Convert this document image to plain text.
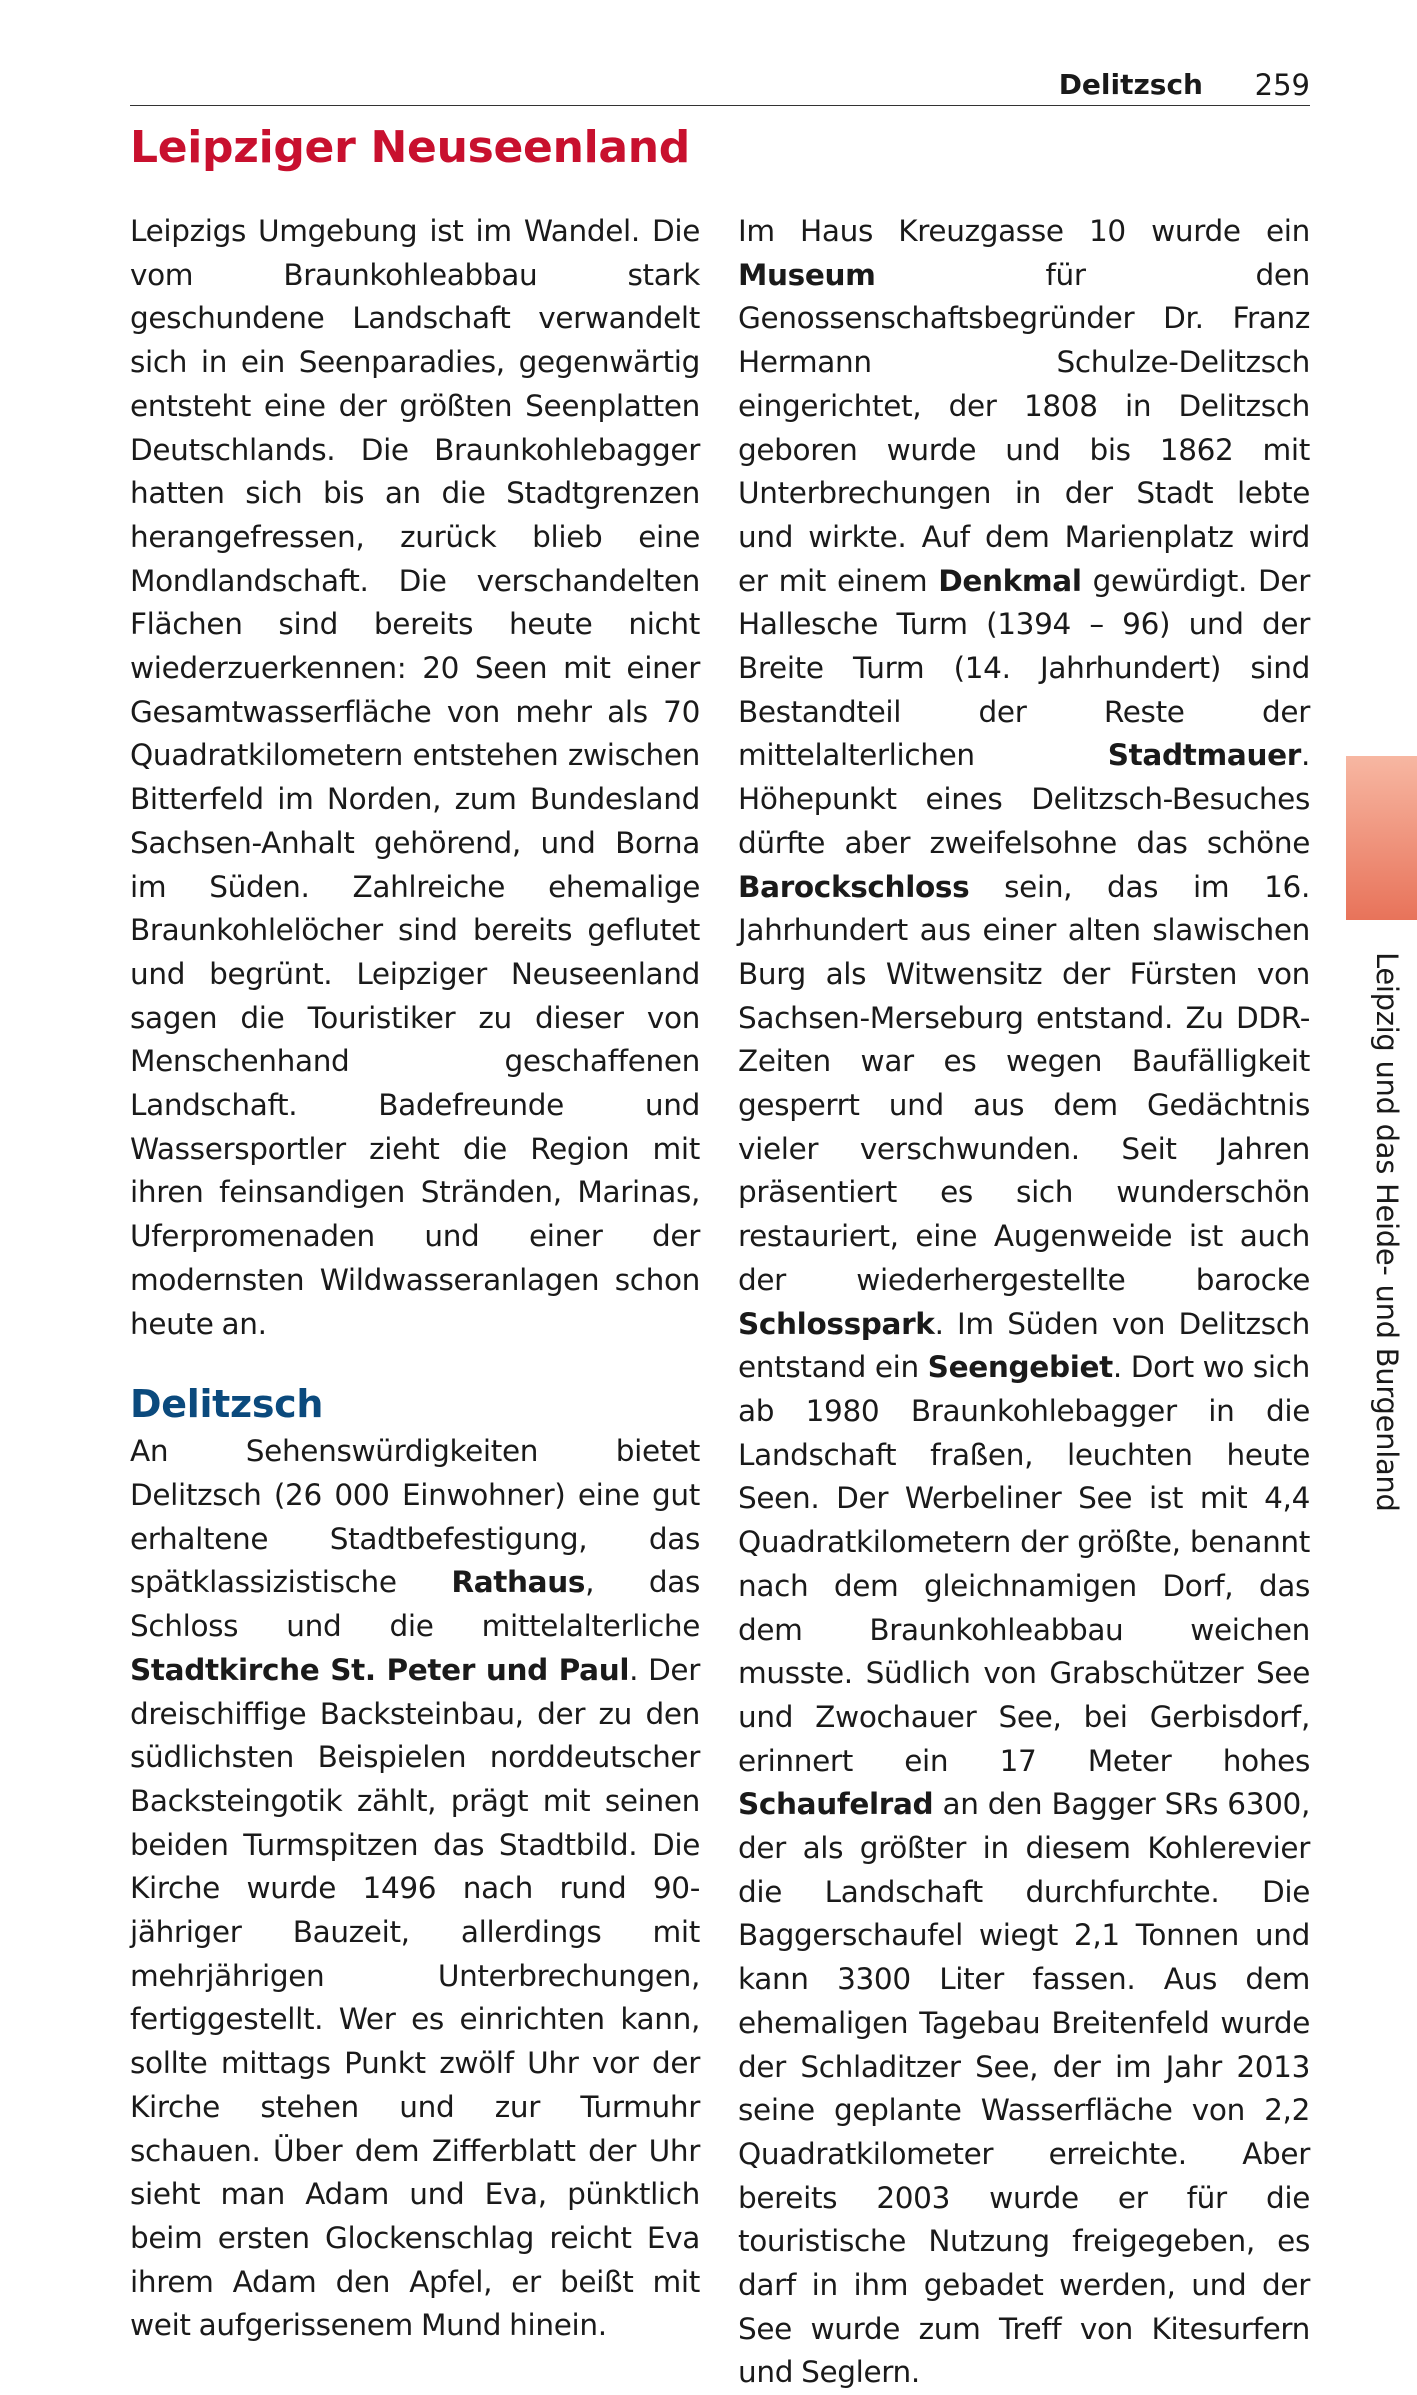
Delitzsch 259
Leipziger Neuseenland

Leipzigs Umgebung ist im Wandel. Die vom Braunkohleabbau stark geschundene Landschaft verwandelt sich in ein Seenparadies, gegenwärtig entsteht eine der größten Seenplatten Deutschlands. Die Braunkohlebagger hatten sich bis an die Stadtgrenzen herangefressen, zurück blieb eine Mondlandschaft. Die verschandelten Flächen sind bereits heute nicht wiederzuerkennen: 20 Seen mit einer Gesamtwasserfläche von mehr als 70 Quadratkilometern entstehen zwischen Bitterfeld im Norden, zum Bundesland Sachsen-Anhalt gehörend, und Borna im Süden. Zahlreiche ehemalige Braunkohlelöcher sind bereits geflutet und begrünt. Leipziger Neuseenland sagen die Touristiker zu dieser von Menschenhand geschaffenen Landschaft. Badefreunde und Wassersportler zieht die Region mit ihren feinsandigen Stränden, Marinas, Uferpromenaden und einer der modernsten Wildwasseranlagen schon heute an.

Delitzsch

An Sehenswürdigkeiten bietet Delitzsch (26 000 Einwohner) eine gut erhaltene Stadtbefestigung, das spätklassizistische Rathaus, das Schloss und die mittelalterliche Stadtkirche St. Peter und Paul. Der dreischiffige Backsteinbau, der zu den südlichsten Beispielen norddeutscher Backsteingotik zählt, prägt mit seinen beiden Turmspitzen das Stadtbild. Die Kirche wurde 1496 nach rund 90-jähriger Bauzeit, allerdings mit mehrjährigen Unterbrechungen, fertiggestellt. Wer es einrichten kann, sollte mittags Punkt zwölf Uhr vor der Kirche stehen und zur Turmuhr schauen. Über dem Zifferblatt der Uhr sieht man Adam und Eva, pünktlich beim ersten Glockenschlag reicht Eva ihrem Adam den Apfel, er beißt mit weit aufgerissenem Mund hinein.

Im Haus Kreuzgasse 10 wurde ein Museum für den Genossenschaftsbegründer Dr. Franz Hermann Schulze-Delitzsch eingerichtet, der 1808 in Delitzsch geboren wurde und bis 1862 mit Unterbrechungen in der Stadt lebte und wirkte. Auf dem Marienplatz wird er mit einem Denkmal gewürdigt. Der Hallesche Turm (1394 – 96) und der Breite Turm (14. Jahrhundert) sind Bestandteil der Reste der mittelalterlichen Stadtmauer. Höhepunkt eines Delitzsch-Besuches dürfte aber zweifelsohne das schöne Barockschloss sein, das im 16. Jahrhundert aus einer alten slawischen Burg als Witwensitz der Fürsten von Sachsen-Merseburg entstand. Zu DDR-Zeiten war es wegen Baufälligkeit gesperrt und aus dem Gedächtnis vieler verschwunden. Seit Jahren präsentiert es sich wunderschön restauriert, eine Augenweide ist auch der wiederhergestellte barocke Schlosspark. Im Süden von Delitzsch entstand ein Seengebiet. Dort wo sich ab 1980 Braunkohlebagger in die Landschaft fraßen, leuchten heute Seen. Der Werbeliner See ist mit 4,4 Quadratkilometern der größte, benannt nach dem gleichnamigen Dorf, das dem Braunkohleabbau weichen musste. Südlich von Grabschützer See und Zwochauer See, bei Gerbisdorf, erinnert ein 17 Meter hohes Schaufelrad an den Bagger SRs 6300, der als größter in diesem Kohlerevier die Landschaft durchfurchte. Die Baggerschaufel wiegt 2,1 Tonnen und kann 3300 Liter fassen. Aus dem ehemaligen Tagebau Breitenfeld wurde der Schladitzer See, der im Jahr 2013 seine geplante Wasserfläche von 2,2 Quadratkilometer erreichte. Aber bereits 2003 wurde er für die touristische Nutzung freigegeben, es darf in ihm gebadet werden, und der See wurde zum Treff von Kitesurfern und Seglern.

Leipzig und das Heide- und Burgenland
